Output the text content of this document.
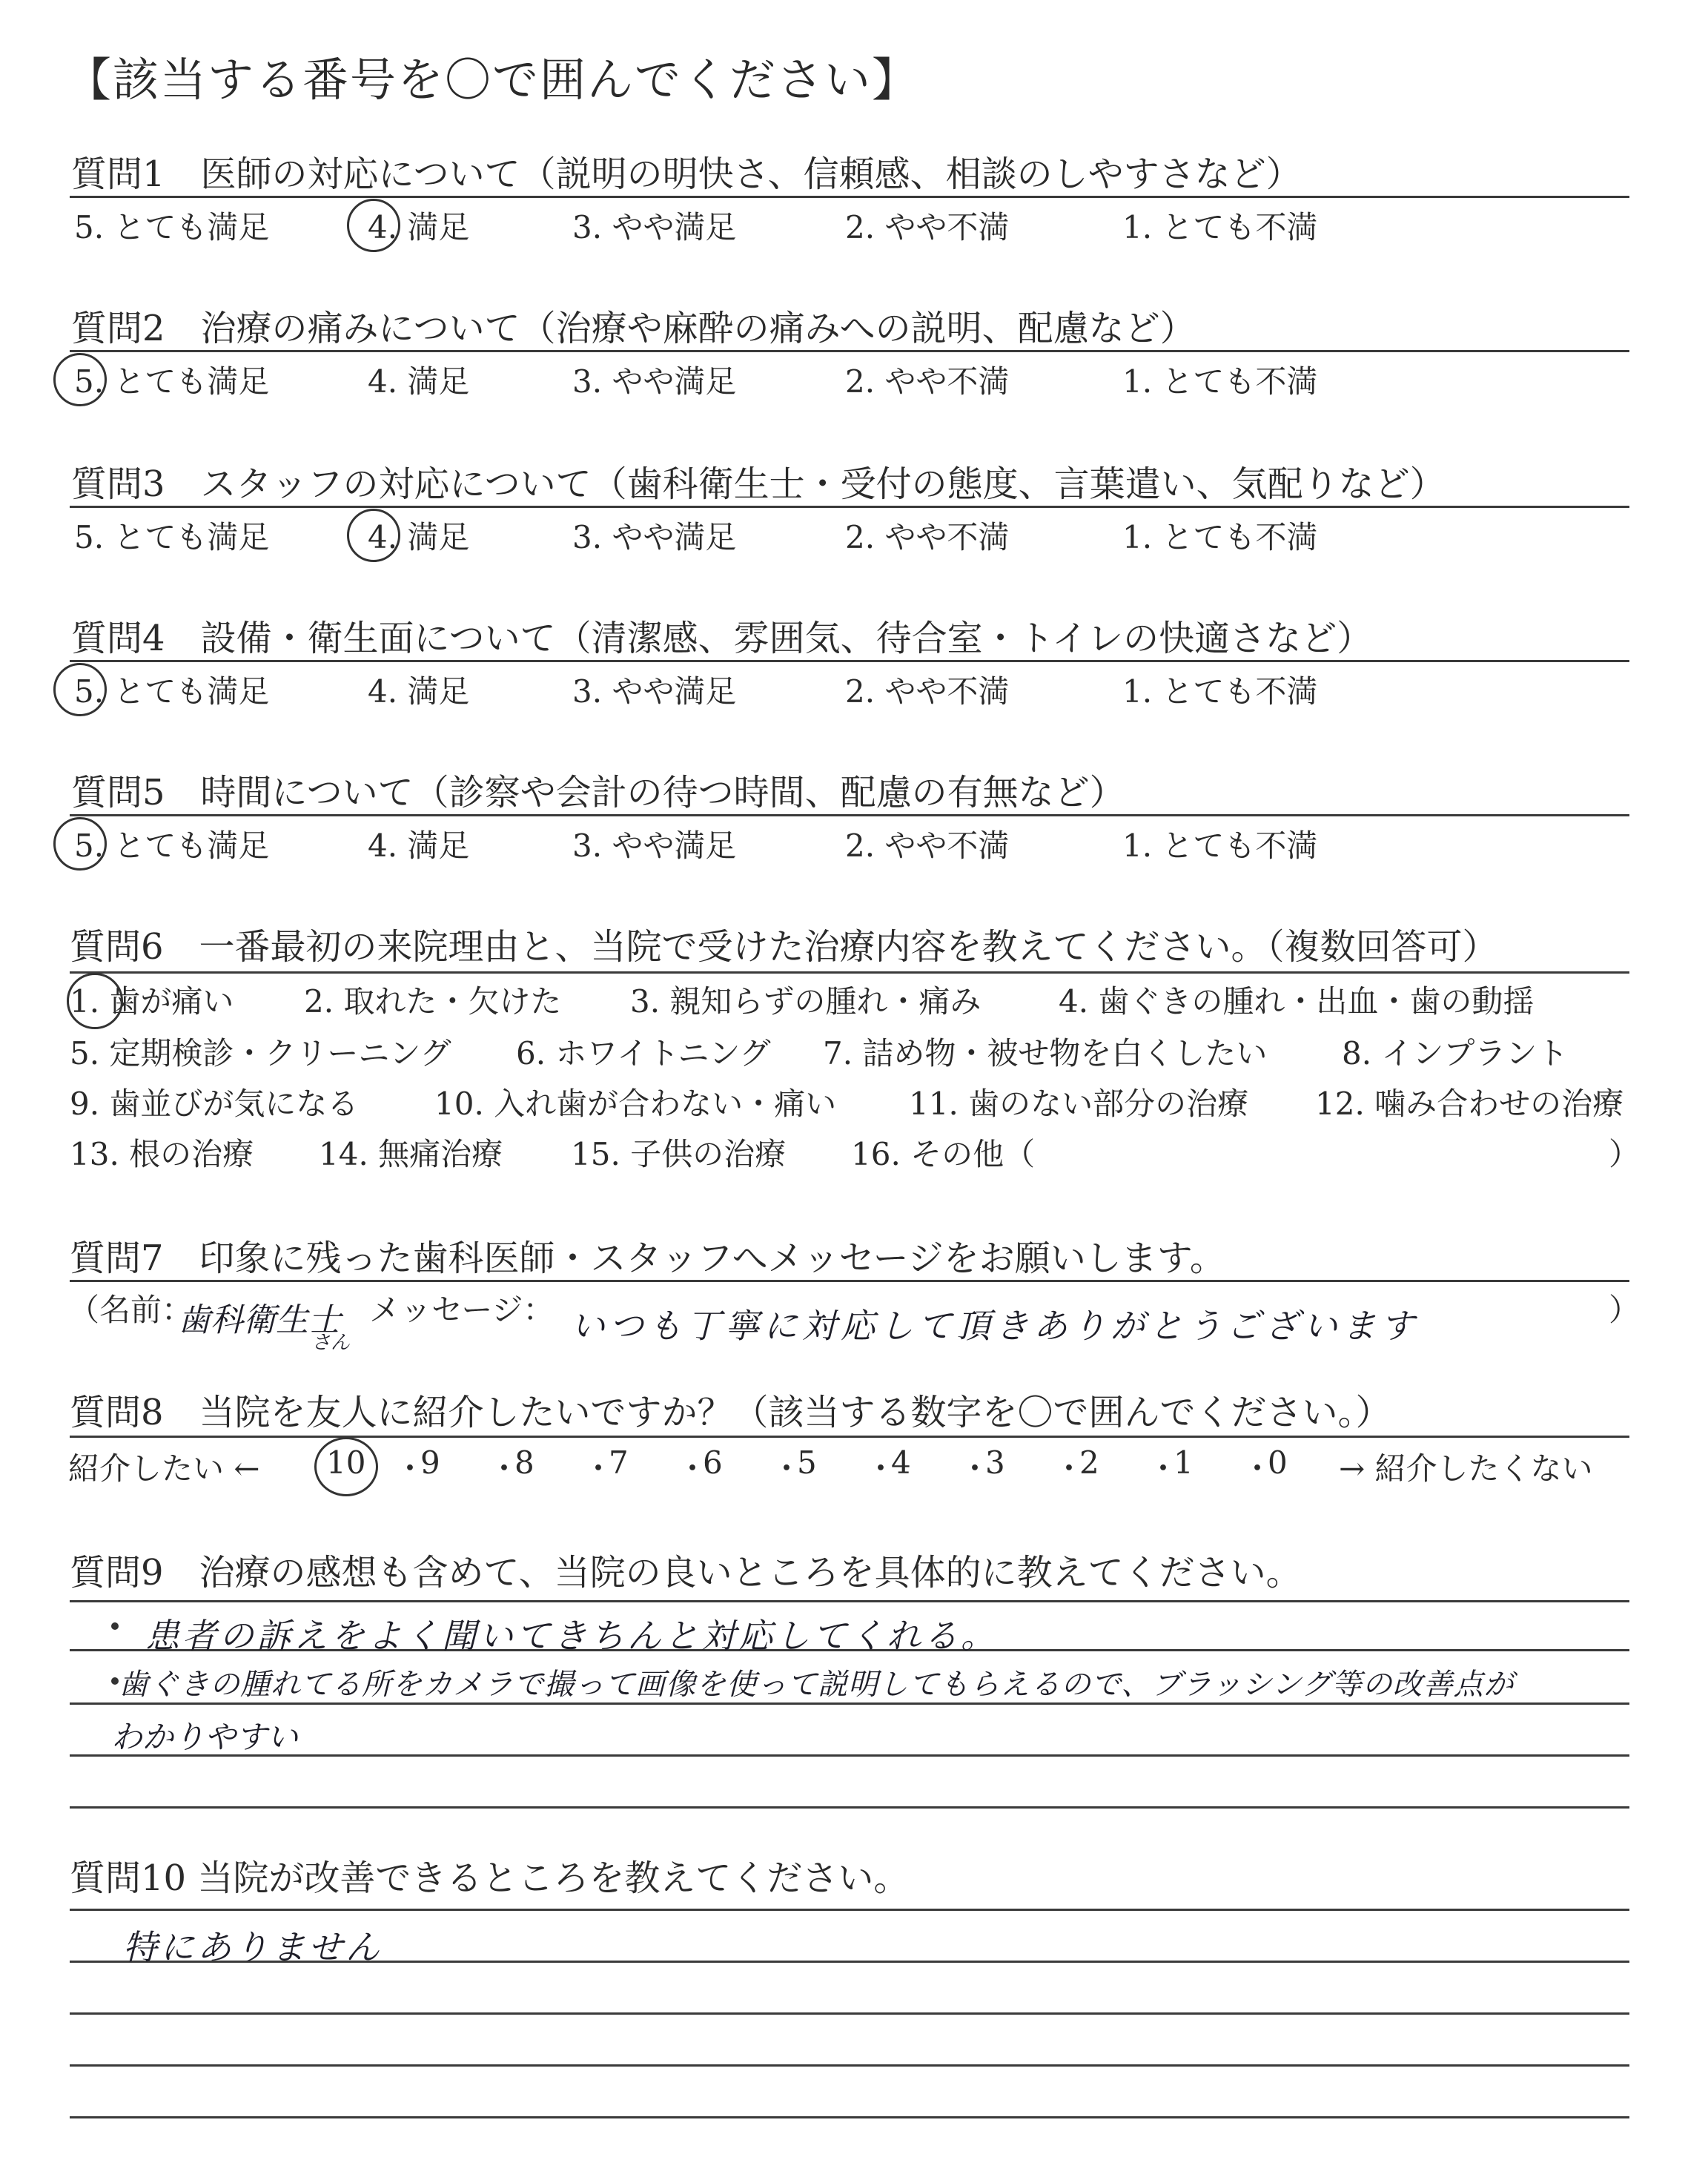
【該当する番号を〇で囲んでください】
質問1　医師の対応について（説明の明快さ、信頼感、相談のしやすさなど）
5. とても満足	4. 満足	3. やや満足	2. やや不満	1. とても不満
質問2　治療の痛みについて（治療や麻酔の痛みへの説明、配慮など）
5. とても満足	4. 満足	3. やや満足	2. やや不満	1. とても不満
質問3　スタッフの対応について（歯科衛生士・受付の態度、言葉遣い、気配りなど）
5. とても満足	4. 満足	3. やや満足	2. やや不満	1. とても不満
質問4　設備・衛生面について（清潔感、雰囲気、待合室・トイレの快適さなど）
5. とても満足	4. 満足	3. やや満足	2. やや不満	1. とても不満
質問5　時間について（診察や会計の待つ時間、配慮の有無など）
5. とても満足	4. 満足	3. やや満足	2. やや不満	1. とても不満
質問6　一番最初の来院理由と、当院で受けた治療内容を教えてください。（複数回答可）
1. 歯が痛い 2. 取れた・欠けた 3. 親知らずの腫れ・痛み 4. 歯ぐきの腫れ・出血・歯の動揺
5. 定期検診・クリーニング 6. ホワイトニング 7. 詰め物・被せ物を白くしたい 8. インプラント
9. 歯並びが気になる 10. 入れ歯が合わない・痛い 11. 歯のない部分の治療 12. 噛み合わせの治療
13. 根の治療 14. 無痛治療 15. 子供の治療 16. その他（	）
質問7　印象に残った歯科医師・スタッフへメッセージをお願いします。
（名前：
歯科衛生士
さん
メッセージ： いつも丁寧に対応して頂きありがとうございます	）
質問8　当院を友人に紹介したいですか？（該当する数字を〇で囲んでください。）
紹介したい ← 10 ・
9 ・
8 ・
7 ・
6 ・
5 ・
4 ・
3 ・
2 ・
1 ・
0 → 紹介したくない
質問9　治療の感想も含めて、当院の良いところを具体的に教えてください。
患者の訴えをよく聞いてきちんと対応してくれる。
歯ぐきの腫れてる所をカメラで撮って画像を使って説明してもらえるので、ブラッシング等の改善点が
わかりやすい
質問10 当院が改善できるところを教えてください。
特にありません
